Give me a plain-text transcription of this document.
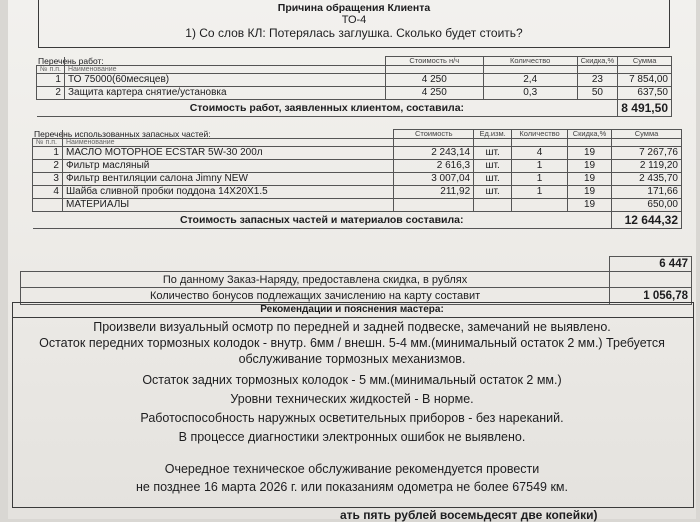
Причина обращения Клиента
ТО-4
1) Со слов КЛ: Потерялась заглушка. Сколько будет стоить?
Перечень работ:
			Стоимость н/ч	Количество	Скидка,%	Сумма
№ п.п.	Наименование				
1	ТО 75000(60месяцев)	4 250	2,4	23	7 854,00
2	Защита картера снятие/установка	4 250	0,3	50	637,50
Стоимость работ, заявленных клиентом, составила:					8 491,50
Перечень использованных запасных частей:
			Стоимость	Ед.изм.	Количество	Скидка,%	Сумма
№ п.п.	Наименование					
1	МАСЛО МОТОРНОЕ ECSTAR 5W-30 200л	2 243,14	шт.	4	19	7 267,76
2	Фильтр масляный	2 616,3	шт.	1	19	2 119,20
3	Фильтр вентиляции салона Jimny NEW	3 007,04	шт.	1	19	2 435,70
4	Шайба сливной пробки поддона 14X20X1.5	211,92	шт.	1	19	171,66
	МАТЕРИАЛЫ				19	650,00
Стоимость запасных частей и материалов составила:						12 644,32
	6 447
По данному Заказ-Наряду, предоставлена скидка, в рублях	
Количество бонусов подлежащих зачислению на карту составит	1 056,78
Рекомендации и пояснения мастера:
Произвели визуальный осмотр по передней и задней подвеске, замечаний не выявлено.
Остаток передних тормозных колодок - внутр. 6мм / внешн. 5-4 мм.(минимальный остаток 2 мм.) Требуется
обслуживание тормозных механизмов.
Остаток задних тормозных колодок - 5 мм.(минимальный остаток 2 мм.)
Уровни технических жидкостей - В норме.
Работоспособность наружных осветительных приборов - без нареканий.
В процессе диагностики электронных ошибок не выявлено.
Очередное техническое обслуживание рекомендуется провести
не позднее 16 марта 2026 г. или показаниям одометра не более 67549 км.
ать пять рублей восемьдесят две копейки)
